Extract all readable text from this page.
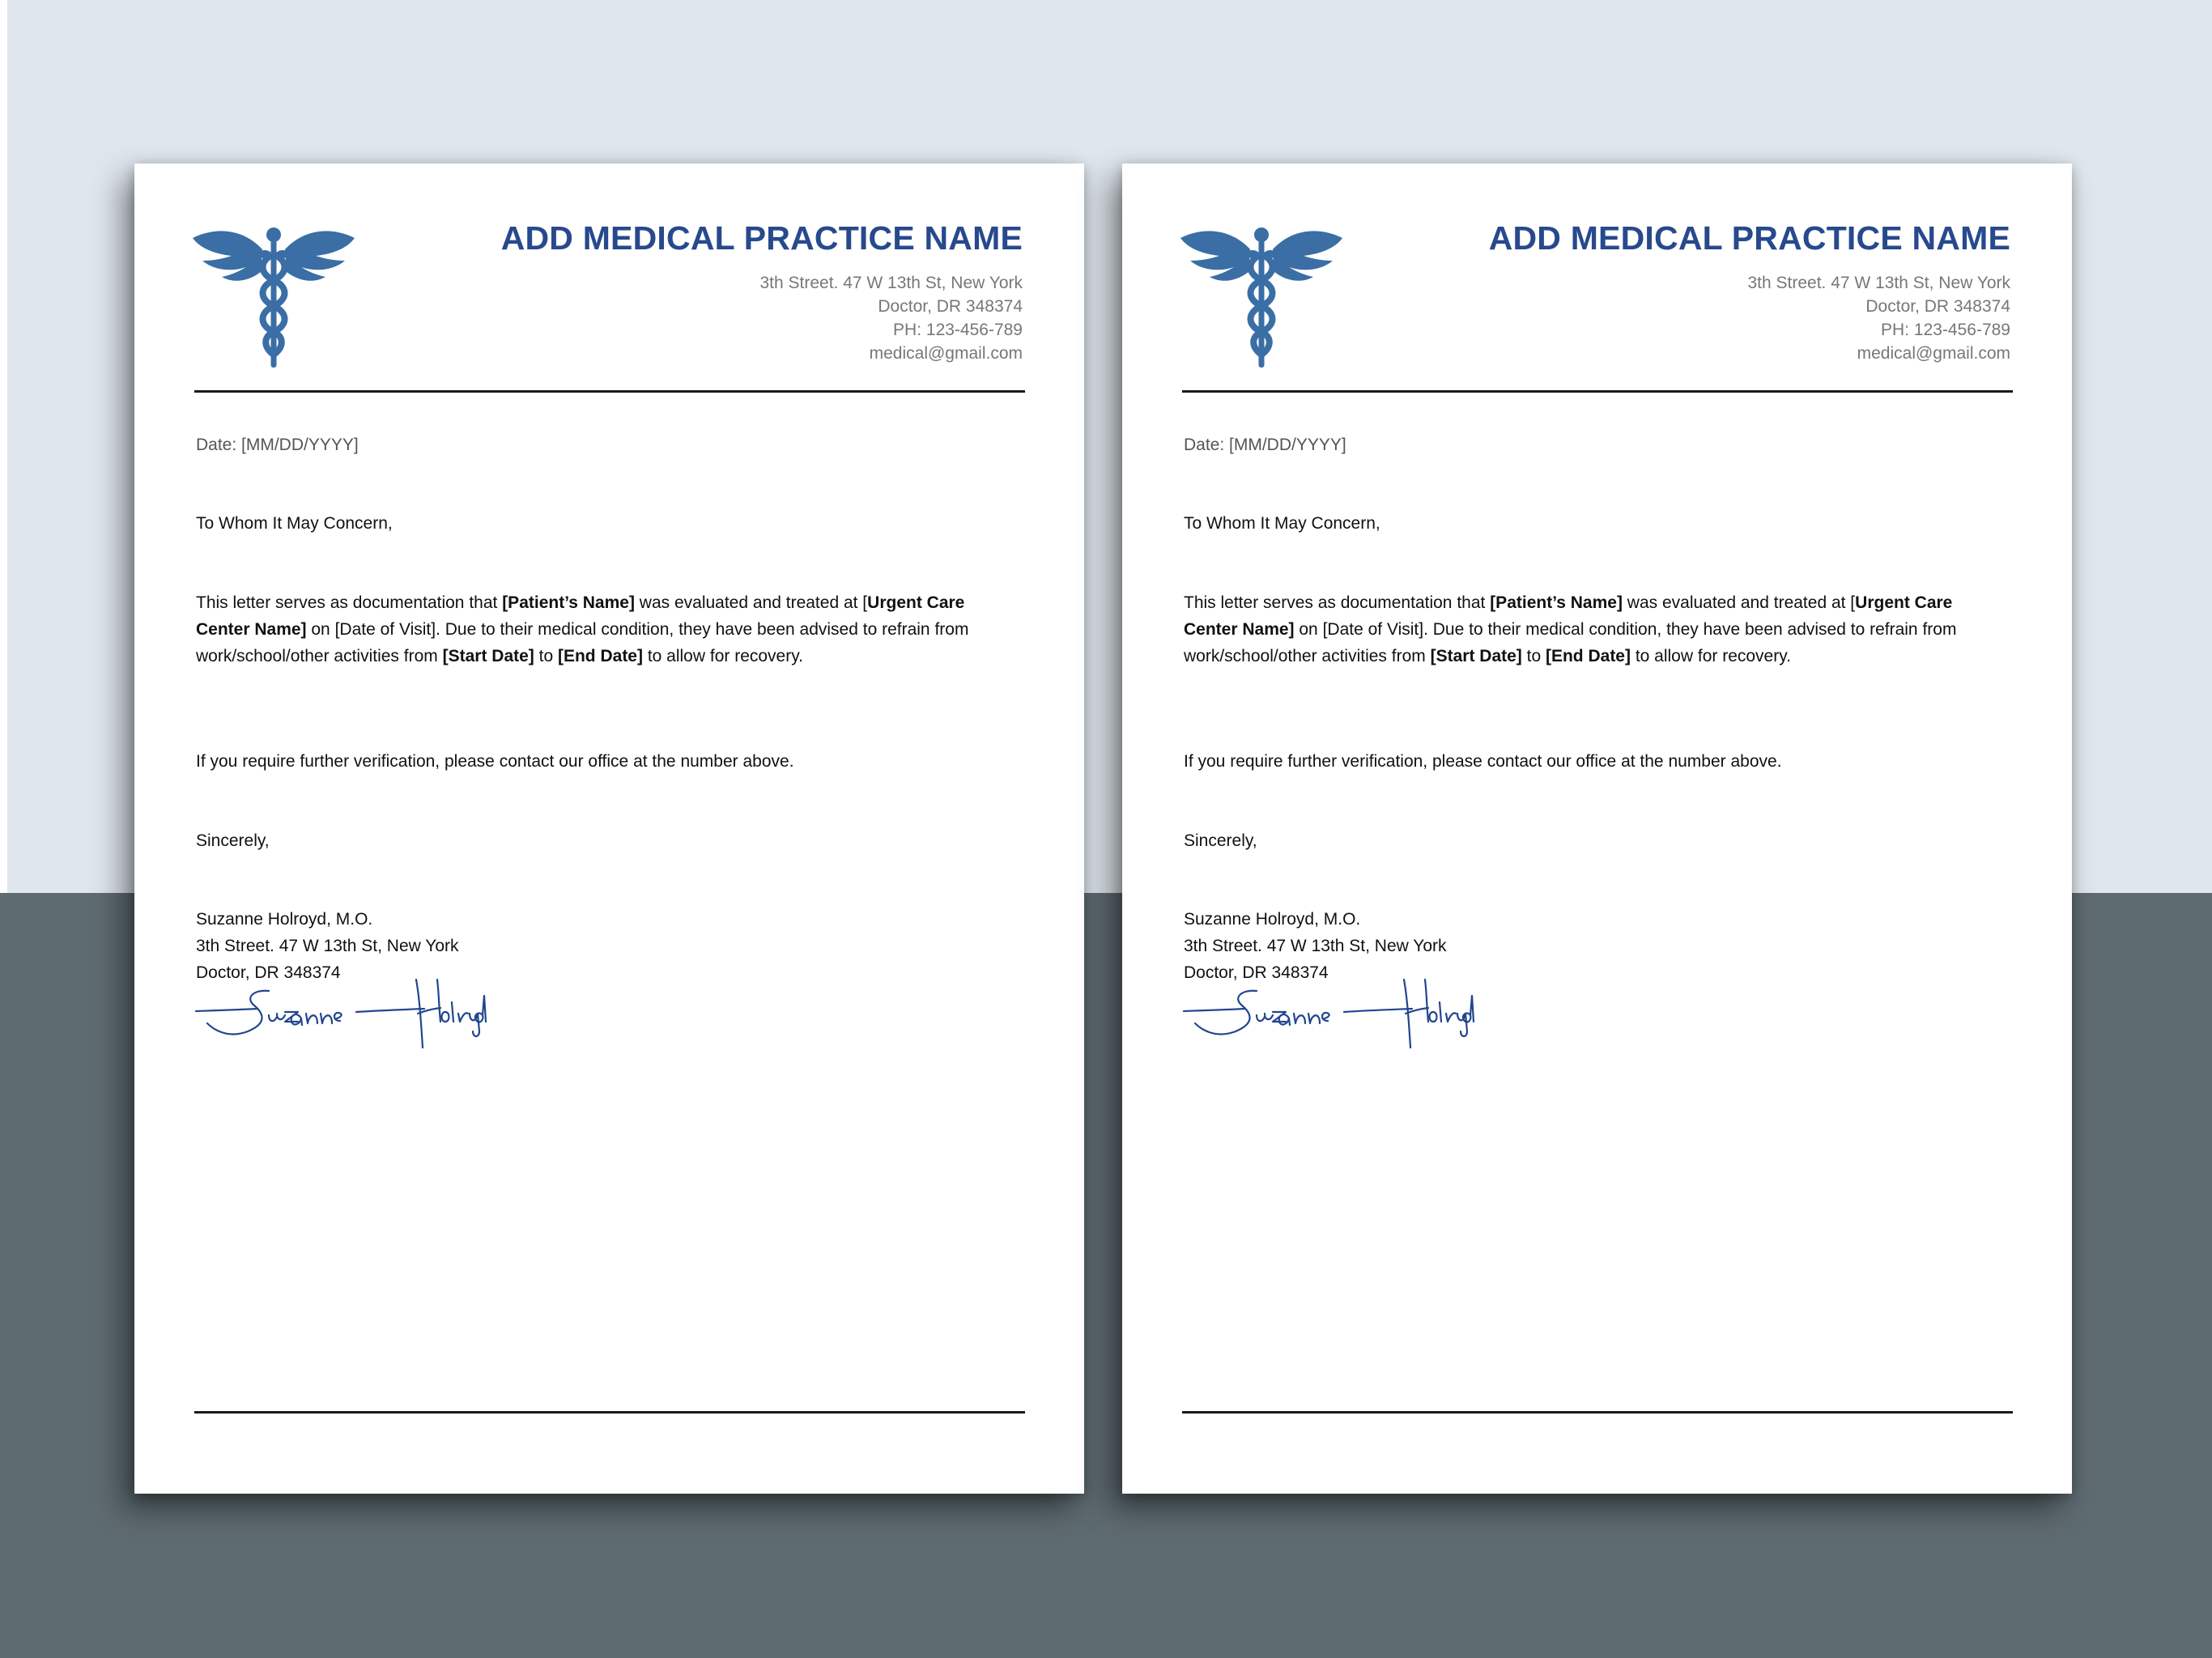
ADD MEDICAL PRACTICE NAME
3th Street. 47 W 13th St, New York
Doctor, DR 348374
PH: 123-456-789
medical@gmail.com
Date: [MM/DD/YYYY]
To Whom It May Concern,
This letter serves as documentation that [Patient’s Name] was evaluated and treated at [Urgent Care Center Name] on [Date of Visit]. Due to their medical condition, they have been advised to refrain from work/school/other activities from [Start Date] to [End Date] to allow for recovery.
If you require further verification, please contact our office at the number above.
Sincerely,
Suzanne Holroyd, M.O.
3th Street. 47 W 13th St, New York
Doctor, DR 348374
ADD MEDICAL PRACTICE NAME
3th Street. 47 W 13th St, New York
Doctor, DR 348374
PH: 123-456-789
medical@gmail.com
Date: [MM/DD/YYYY]
To Whom It May Concern,
This letter serves as documentation that [Patient’s Name] was evaluated and treated at [Urgent Care Center Name] on [Date of Visit]. Due to their medical condition, they have been advised to refrain from work/school/other activities from [Start Date] to [End Date] to allow for recovery.
If you require further verification, please contact our office at the number above.
Sincerely,
Suzanne Holroyd, M.O.
3th Street. 47 W 13th St, New York
Doctor, DR 348374
